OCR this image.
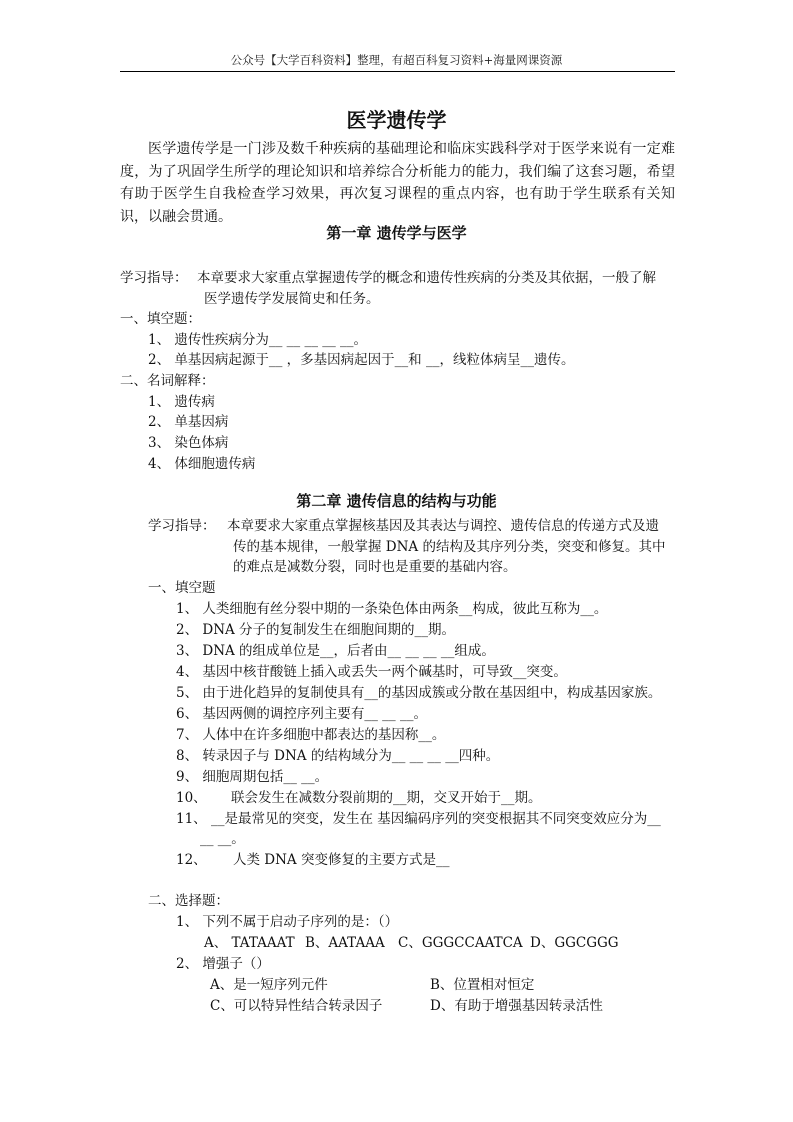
公众号【大学百科资料】整理，有超百科复习资料+海量网课资源
医学遗传学
医学遗传学是一门涉及数千种疾病的基础理论和临床实践科学对于医学来说有一定难度，为了巩固学生所学的理论知识和培养综合分析能力的能力，我们编了这套习题，希望有助于医学生自我检查学习效果，再次复习课程的重点内容，也有助于学生联系有关知识，以融会贯通。
第一章 遗传学与医学
学习指导： 本章要求大家重点掌握遗传学的概念和遗传性疾病的分类及其依据，一般了解
医学遗传学发展简史和任务。
一、填空题：
1、 遗传性疾病分为__ __ __ __ __。
2、 单基因病起源于__ ，多基因病起因于__和 __，线粒体病呈__遗传。
二、名词解释：
1、 遗传病
2、 单基因病
3、 染色体病
4、 体细胞遗传病
第二章 遗传信息的结构与功能
学习指导： 本章要求大家重点掌握核基因及其表达与调控、遗传信息的传递方式及遗
传的基本规律，一般掌握 DNA 的结构及其序列分类，突变和修复。其中
的难点是减数分裂，同时也是重要的基础内容。
一、填空题
1、 人类细胞有丝分裂中期的一条染色体由两条__构成，彼此互称为__。
2、 DNA 分子的复制发生在细胞间期的__期。
3、 DNA 的组成单位是__，后者由__ __ __ __组成。
4、 基因中核苷酸链上插入或丢失一两个碱基时，可导致__突变。
5、 由于进化趋异的复制使具有__的基因成簇或分散在基因组中，构成基因家族。
6、 基因两侧的调控序列主要有__ __ __。
7、 人体中在许多细胞中都表达的基因称__。
8、 转录因子与 DNA 的结构域分为__ __ __ __四种。
9、 细胞周期包括__ __。
10、 联会发生在减数分裂前期的__期，交叉开始于__期。
11、 __是最常见的突变，发生在 基因编码序列的突变根据其不同突变效应分为__
__ __。
12、 人类 DNA 突变修复的主要方式是__
二、选择题：
1、 下列不属于启动子序列的是：（）
A、 TATAAAT B、AATAAA C、GGGCCAATCA D、GGCGGG
2、 增强子（）
A、是一短序列元件	B、位置相对恒定
C、可以特异性结合转录因子	D、有助于增强基因转录活性
